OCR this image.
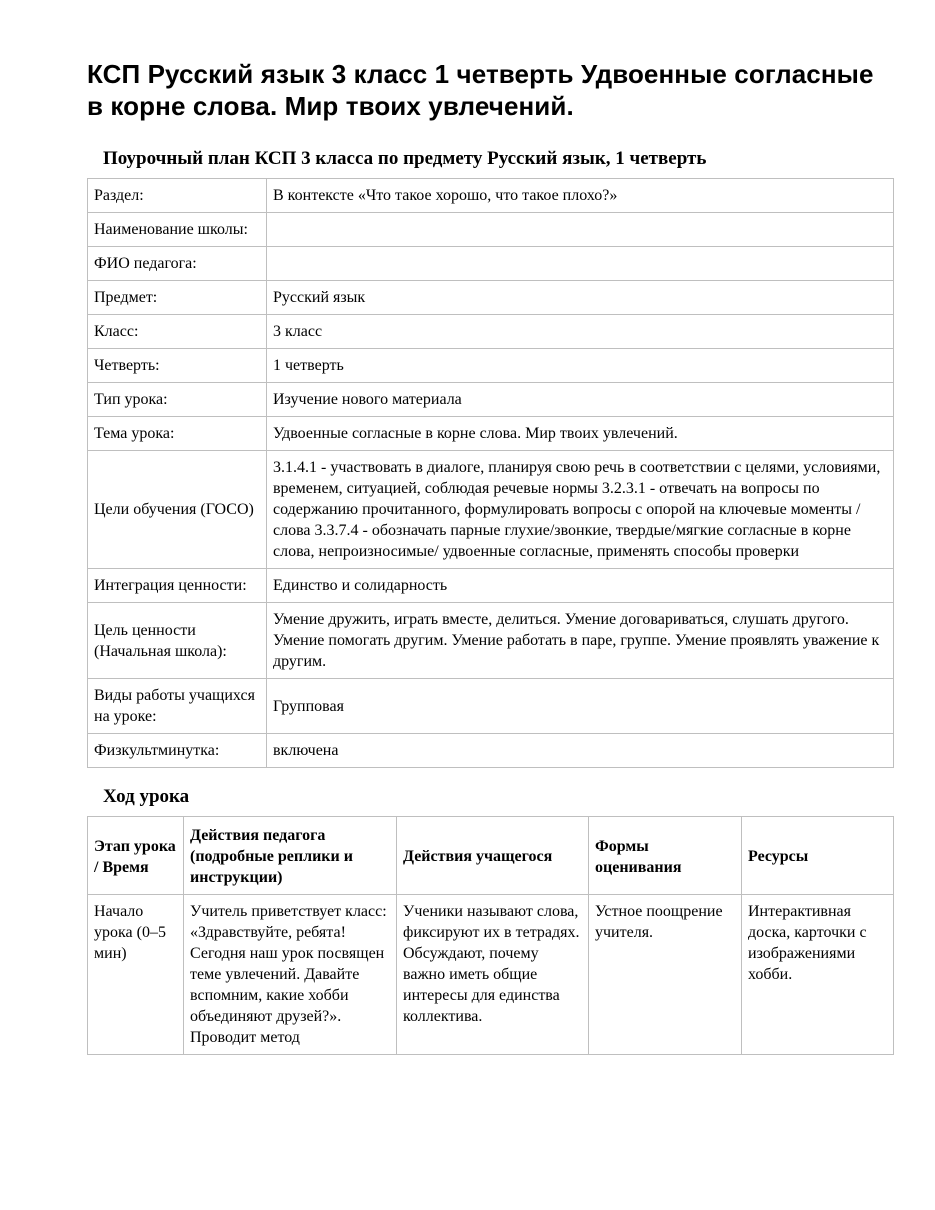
КСП Русский язык 3 класс 1 четверть Удвоенные согласные в корне слова. Мир твоих увлечений.
Поурочный план КСП 3 класса по предмету Русский язык, 1 четверть
Раздел:	В контексте «Что такое хорошо, что такое плохо?»
Наименование школы:	
ФИО педагога:	
Предмет:	Русский язык
Класс:	3 класс
Четверть:	1 четверть
Тип урока:	Изучение нового материала
Тема урока:	Удвоенные согласные в корне слова. Мир твоих увлечений.
Цели обучения (ГОСО)	3.1.4.1 - участвовать в диалоге, планируя свою речь в соответствии с целями, условиями, временем, ситуацией, соблюдая речевые нормы 3.2.3.1 - отвечать на вопросы по содержанию прочитанного, формулировать вопросы с опорой на ключевые моменты / слова 3.3.7.4 - обозначать парные глухие/звонкие, твердые/мягкие согласные в корне слова, непроизносимые/ удвоенные согласные, применять способы проверки
Интеграция ценности:	Единство и солидарность
Цель ценности (Начальная школа):	Умение дружить, играть вместе, делиться. Умение договариваться, слушать другого. Умение помогать другим. Умение работать в паре, группе. Умение проявлять уважение к другим.
Виды работы учащихся на уроке:	Групповая
Физкультминутка:	включена
Ход урока
Этап урока / Время	Действия педагога (подробные реплики и инструкции)	Действия учащегося	Формы оценивания	Ресурсы
Начало урока (0–5 мин)	Учитель приветствует класс: «Здравствуйте, ребята! Сегодня наш урок посвящен теме увлечений. Давайте вспомним, какие хобби объединяют друзей?». Проводит метод	Ученики называют слова, фиксируют их в тетрадях. Обсуждают, почему важно иметь общие интересы для единства коллектива.	Устное поощрение учителя.	Интерактивная доска, карточки с изображениями хобби.
